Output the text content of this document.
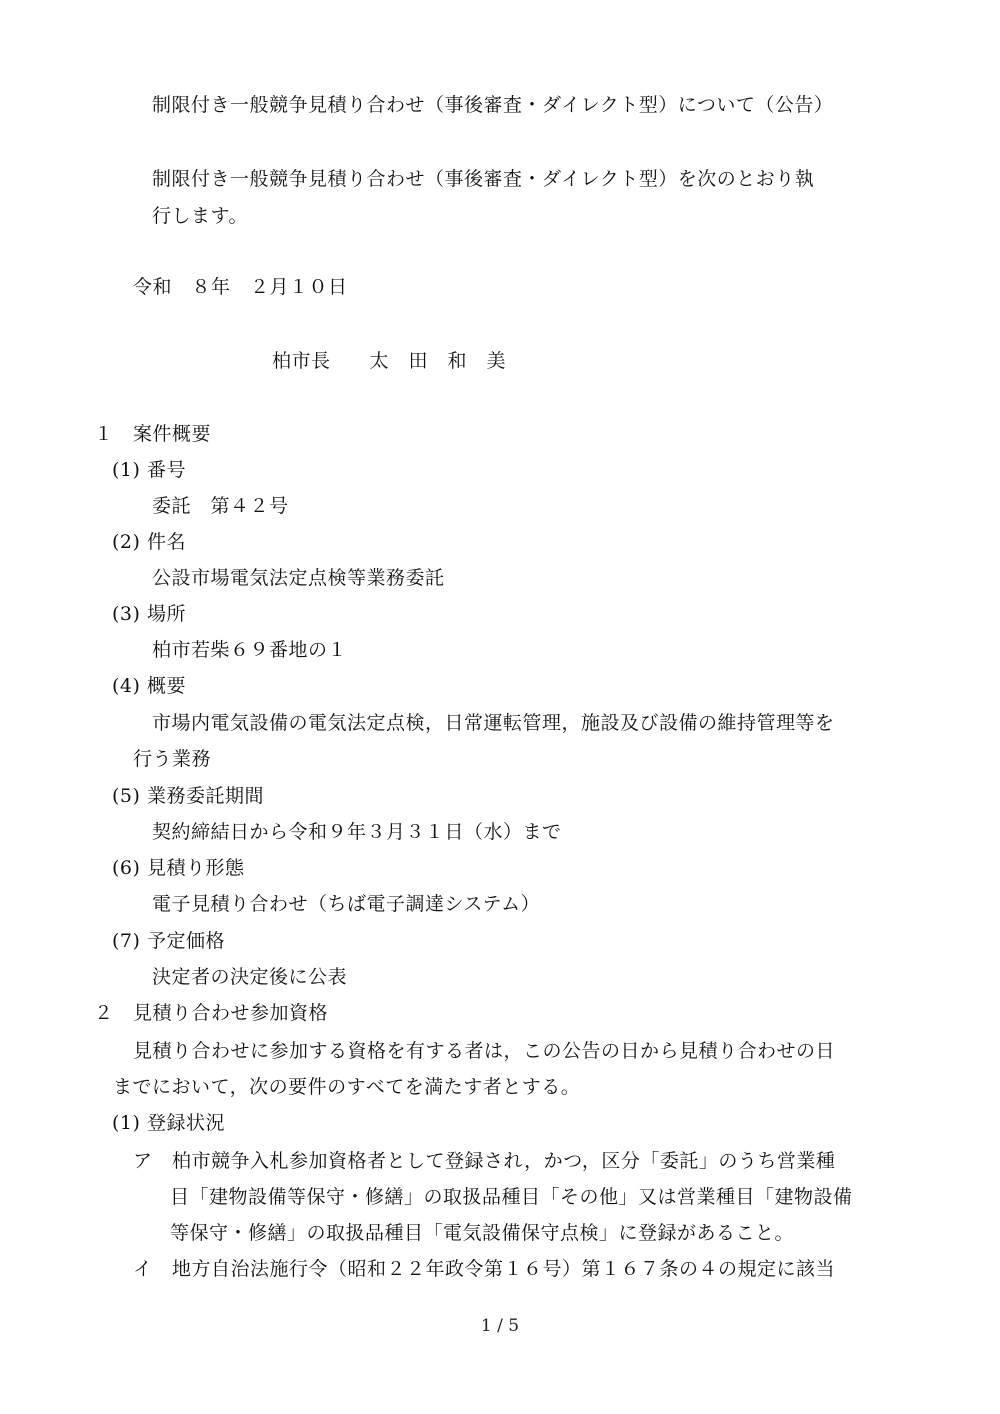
制限付き一般競争見積り合わせ（事後審査・ダイレクト型）について（公告）
制限付き一般競争見積り合わせ（事後審査・ダイレクト型）を次のとおり執
行します。
令和　８年　２月１０日
柏市長　　太　田　和　美
１　案件概要
(1) 番号
委託　第４２号
(2) 件名
公設市場電気法定点検等業務委託
(3) 場所
柏市若柴６９番地の１
(4) 概要
市場内電気設備の電気法定点検，日常運転管理，施設及び設備の維持管理等を
行う業務
(5) 業務委託期間
契約締結日から令和９年３月３１日（水）まで
(6) 見積り形態
電子見積り合わせ（ちば電子調達システム）
(7) 予定価格
決定者の決定後に公表
２　見積り合わせ参加資格
見積り合わせに参加する資格を有する者は，この公告の日から見積り合わせの日
までにおいて，次の要件のすべてを満たす者とする。
(1) 登録状況
ア　柏市競争入札参加資格者として登録され，かつ，区分「委託」のうち営業種
目「建物設備等保守・修繕」の取扱品種目「その他」又は営業種目「建物設備
等保守・修繕」の取扱品種目「電気設備保守点検」に登録があること。
イ　地方自治法施行令（昭和２２年政令第１６号）第１６７条の４の規定に該当
1 / 5
